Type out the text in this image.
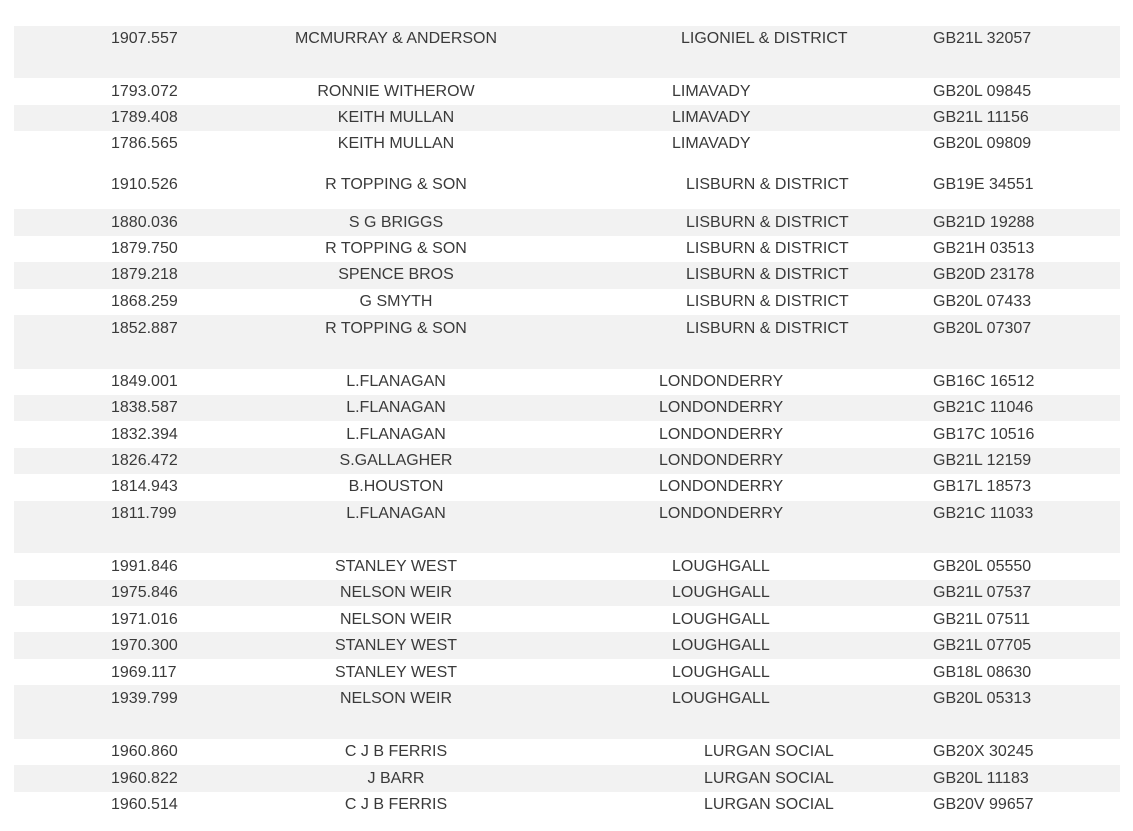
1907.557	MCMURRAY & ANDERSON	LIGONIEL & DISTRICT	GB21L 32057
1793.072	RONNIE WITHEROW	LIMAVADY	GB20L 09845
1789.408	KEITH MULLAN	LIMAVADY	GB21L 11156
1786.565	KEITH MULLAN	LIMAVADY	GB20L 09809
1910.526	R TOPPING & SON	LISBURN & DISTRICT	GB19E 34551
1880.036	S G BRIGGS	LISBURN & DISTRICT	GB21D 19288
1879.750	R TOPPING & SON	LISBURN & DISTRICT	GB21H 03513
1879.218	SPENCE BROS	LISBURN & DISTRICT	GB20D 23178
1868.259	G SMYTH	LISBURN & DISTRICT	GB20L 07433
1852.887	R TOPPING & SON	LISBURN & DISTRICT	GB20L 07307
1849.001	L.FLANAGAN	LONDONDERRY	GB16C 16512
1838.587	L.FLANAGAN	LONDONDERRY	GB21C 11046
1832.394	L.FLANAGAN	LONDONDERRY	GB17C 10516
1826.472	S.GALLAGHER	LONDONDERRY	GB21L 12159
1814.943	B.HOUSTON	LONDONDERRY	GB17L 18573
1811.799	L.FLANAGAN	LONDONDERRY	GB21C 11033
1991.846	STANLEY WEST	LOUGHGALL	GB20L 05550
1975.846	NELSON WEIR	LOUGHGALL	GB21L 07537
1971.016	NELSON WEIR	LOUGHGALL	GB21L 07511
1970.300	STANLEY WEST	LOUGHGALL	GB21L 07705
1969.117	STANLEY WEST	LOUGHGALL	GB18L 08630
1939.799	NELSON WEIR	LOUGHGALL	GB20L 05313
1960.860	C J B FERRIS	LURGAN SOCIAL	GB20X 30245
1960.822	J BARR	LURGAN SOCIAL	GB20L 11183
1960.514	C J B FERRIS	LURGAN SOCIAL	GB20V 99657
